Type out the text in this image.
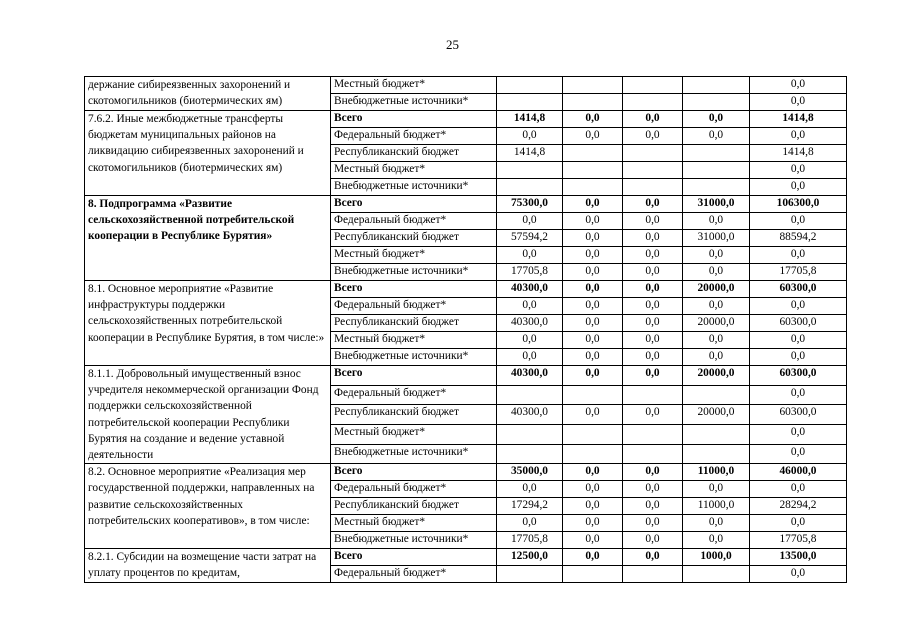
25
держание сибиреязвенных захоронений и скотомогильников (биотермических ям)	Местный бюджет*					0,0
	Внебюджетные источники*					0,0
7.6.2. Иные межбюджетные трансферты бюджетам муниципальных районов на ликвидацию сибиреязвенных захоронений и скотомогильников (биотермических ям)	Всего	1414,8	0,0	0,0	0,0	1414,8
	Федеральный бюджет*	0,0	0,0	0,0	0,0	0,0
	Республиканский бюджет	1414,8				1414,8
	Местный бюджет*					0,0
	Внебюджетные источники*					0,0
8. Подпрограмма «Развитие сельскохозяйственной потребительской кооперации в Республике Бурятия»	Всего	75300,0	0,0	0,0	31000,0	106300,0
	Федеральный бюджет*	0,0	0,0	0,0	0,0	0,0
	Республиканский бюджет	57594,2	0,0	0,0	31000,0	88594,2
	Местный бюджет*	0,0	0,0	0,0	0,0	0,0
	Внебюджетные источники*	17705,8	0,0	0,0	0,0	17705,8
8.1. Основное мероприятие «Развитие инфраструктуры поддержки сельскохозяйственных потребительской кооперации в Республике Бурятия, в том числе:»	Всего	40300,0	0,0	0,0	20000,0	60300,0
	Федеральный бюджет*	0,0	0,0	0,0	0,0	0,0
	Республиканский бюджет	40300,0	0,0	0,0	20000,0	60300,0
	Местный бюджет*	0,0	0,0	0,0	0,0	0,0
	Внебюджетные источники*	0,0	0,0	0,0	0,0	0,0
8.1.1. Добровольный имущественный взнос учредителя некоммерческой организации Фонд поддержки сельскохозяйственной потребительской кооперации Республики Бурятия на создание и ведение уставной деятельности	Всего	40300,0	0,0	0,0	20000,0	60300,0
	Федеральный бюджет*					0,0
	Республиканский бюджет	40300,0	0,0	0,0	20000,0	60300,0
	Местный бюджет*					0,0
	Внебюджетные источники*					0,0
8.2. Основное мероприятие «Реализация мер государственной поддержки, направленных на развитие сельскохозяйственных потребительских кооперативов», в том числе:	Всего	35000,0	0,0	0,0	11000,0	46000,0
	Федеральный бюджет*	0,0	0,0	0,0	0,0	0,0
	Республиканский бюджет	17294,2	0,0	0,0	11000,0	28294,2
	Местный бюджет*	0,0	0,0	0,0	0,0	0,0
	Внебюджетные источники*	17705,8	0,0	0,0	0,0	17705,8
8.2.1. Субсидии на возмещение части затрат на уплату процентов по кредитам,	Всего	12500,0	0,0	0,0	1000,0	13500,0
	Федеральный бюджет*					0,0
